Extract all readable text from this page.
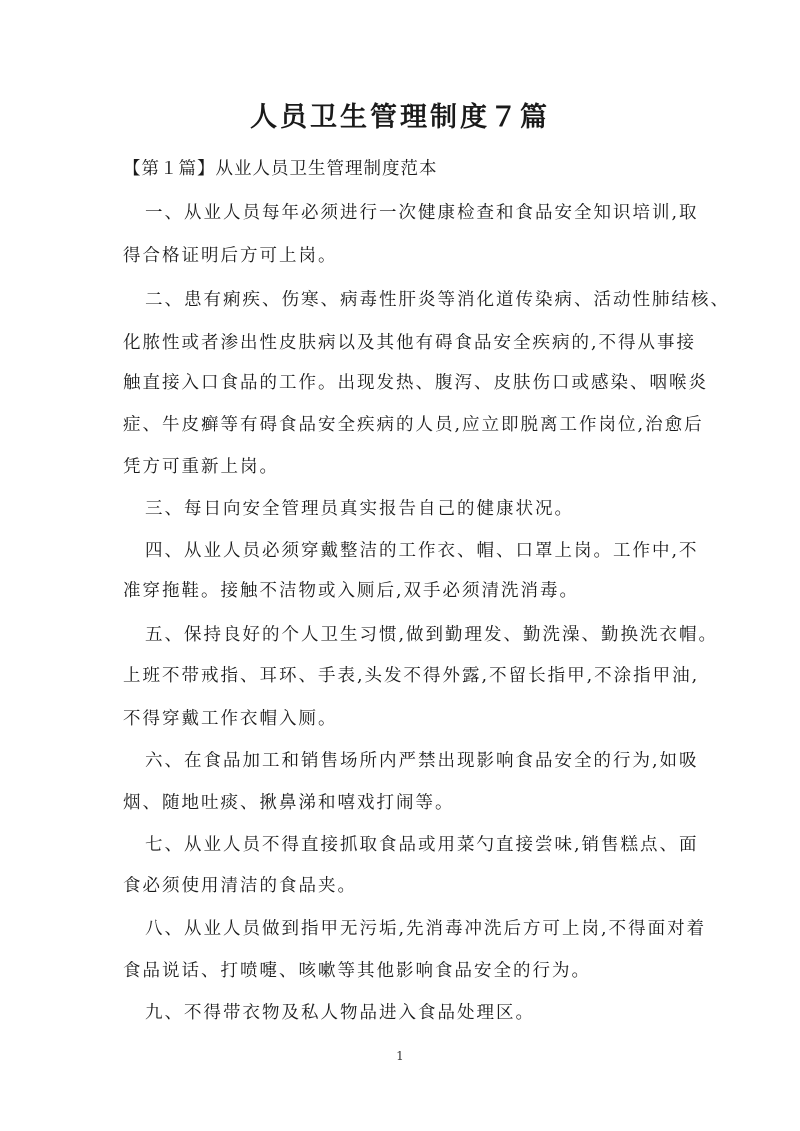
人员卫生管理制度７篇
【第１篇】从业人员卫生管理制度范本
一、从业人员每年必须进行一次健康检查和食品安全知识培训,取
得合格证明后方可上岗。
二、患有痢疾、伤寒、病毒性肝炎等消化道传染病、活动性肺结核、
化脓性或者渗出性皮肤病以及其他有碍食品安全疾病的,不得从事接
触直接入口食品的工作。出现发热、腹泻、皮肤伤口或感染、咽喉炎
症、牛皮癣等有碍食品安全疾病的人员,应立即脱离工作岗位,治愈后
凭方可重新上岗。
三、每日向安全管理员真实报告自己的健康状况。
四、从业人员必须穿戴整洁的工作衣、帽、口罩上岗。工作中,不
准穿拖鞋。接触不洁物或入厕后,双手必须清洗消毒。
五、保持良好的个人卫生习惯,做到勤理发、勤洗澡、勤换洗衣帽。
上班不带戒指、耳环、手表,头发不得外露,不留长指甲,不涂指甲油,
不得穿戴工作衣帽入厕。
六、在食品加工和销售场所内严禁出现影响食品安全的行为,如吸
烟、随地吐痰、揪鼻涕和嘻戏打闹等。
七、从业人员不得直接抓取食品或用菜勺直接尝味,销售糕点、面
食必须使用清洁的食品夹。
八、从业人员做到指甲无污垢,先消毒冲洗后方可上岗,不得面对着
食品说话、打喷嚏、咳嗽等其他影响食品安全的行为。
九、不得带衣物及私人物品进入食品处理区。
1
